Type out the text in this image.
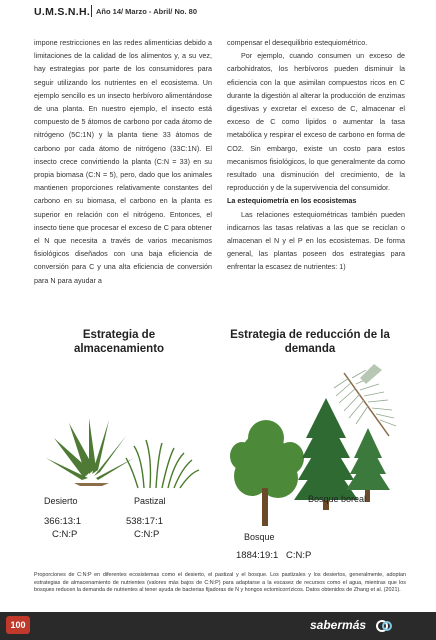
U.M.S.N.H. Año 14/ Marzo - Abril/ No. 80

impone restricciones en las redes alimenticias debido a limitaciones de la calidad de los alimentos y, a su vez, hay estrategias por parte de los consumidores para seguir utilizando los nutrientes en el ecosistema. Un ejemplo sencillo es un insecto herbívoro alimentándose de una planta. En nuestro ejemplo, el insecto está compuesto de 5 átomos de carbono por cada átomo de nitrógeno (5C:1N) y la planta tiene 33 átomos de carbono por cada átomo de nitrógeno (33C:1N). El insecto crece convirtiendo la planta (C:N = 33) en su propia biomasa (C:N = 5), pero, dado que los animales mantienen proporciones relativamente constantes del carbono en su biomasa, el carbono en la planta es superior en relación con el nitrógeno. Entonces, el insecto tiene que procesar el exceso de C para obtener el N que necesita a través de varios mecanismos fisiológicos diseñados con una baja eficiencia de conversión para C y una alta eficiencia de conversión para N para ayudar a

compensar el desequilibrio estequiométrico.

Por ejemplo, cuando consumen un exceso de carbohidratos, los herbívoros pueden disminuir la eficiencia con la que asimilan compuestos ricos en C durante la digestión al alterar la producción de enzimas digestivas y excretar el exceso de C, almacenar el exceso de C como lípidos o aumentar la tasa metabólica y respirar el exceso de carbono en forma de CO2. Sin embargo, existe un costo para estos mecanismos fisiológicos, lo que generalmente da como resultado una disminución del crecimiento, de la reproducción y de la supervivencia del consumidor.

La estequiometría en los ecosistemas

Las relaciones estequiométricas también pueden indicarnos las tasas relativas a las que se reciclan o almacenan el N y el P en los ecosistemas. De forma general, las plantas poseen dos estrategias para enfrentar la escasez de nutrientes: 1)

Estrategia de almacenamiento
Estrategia de reducción de la demanda
Desierto
366:13:1
C:N:P
Pastizal
538:17:1
C:N:P
Bosque boreal
Bosque
1884:19:1 C:N:P
Proporciones de C:N:P en diferentes ecosistemas como el desierto, el pastizal y el bosque. Los pastizales y los desiertos, generalmente, adoptan estrategias de almacenamiento de nutrientes (valores más bajos de C:N:P) para adaptarse a la escasez de recursos como el agua, mientras que los bosques reducen la demanda de nutrientes al tener ayuda de bacterias fijadoras de N y hongos ectomicorrízicos. Datos obtenidos de Zhang et al. (2021).
100	sabermás
